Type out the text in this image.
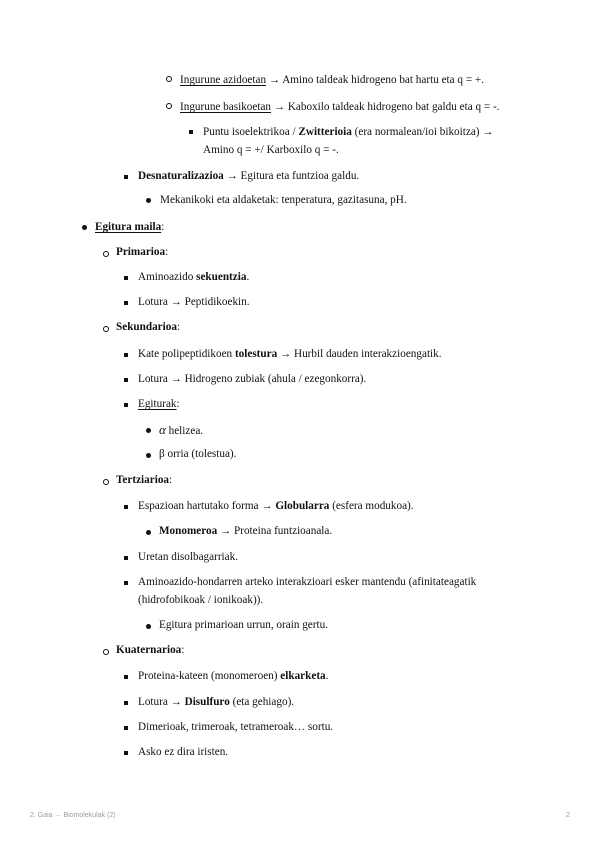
Ingurune azidoetan → Amino taldeak hidrogeno bat hartu eta q = +.
Ingurune basikoetan → Kaboxilo taldeak hidrogeno bat galdu eta q = -.
Puntu isoelektrikoa / Zwitterioia (era normalean/ioi bikoitza) →
Amino q = +/ Karboxilo q = -.
Desnaturalizazioa → Egitura eta funtzioa galdu.
Mekanikoki eta aldaketak: tenperatura, gazitasuna, pH.
Egitura maila:
Primarioa:
Aminoazido sekuentzia.
Lotura → Peptidikoekin.
Sekundarioa:
Kate polipeptidikoen tolestura → Hurbil dauden interakzioengatik.
Lotura → Hidrogeno zubiak (ahula / ezegonkorra).
Egiturak:
α helizea.
β orria (tolestua).
Tertziarioa:
Espazioan hartutako forma → Globularra (esfera modukoa).
Monomeroa → Proteina funtzioanala.
Uretan disolbagarriak.
Aminoazido-hondarren arteko interakzioari esker mantendu (afinitateagatik
(hidrofobikoak / ionikoak)).
Egitura primarioan urrun, orain gertu.
Kuaternarioa:
Proteina-kateen (monomeroen) elkarketa.
Lotura → Disulfuro (eta gehiago).
Dimerioak, trimeroak, tetrameroak… sortu.
Asko ez dira iristen.
2. Gaia → Biomolekulak (2)	2
